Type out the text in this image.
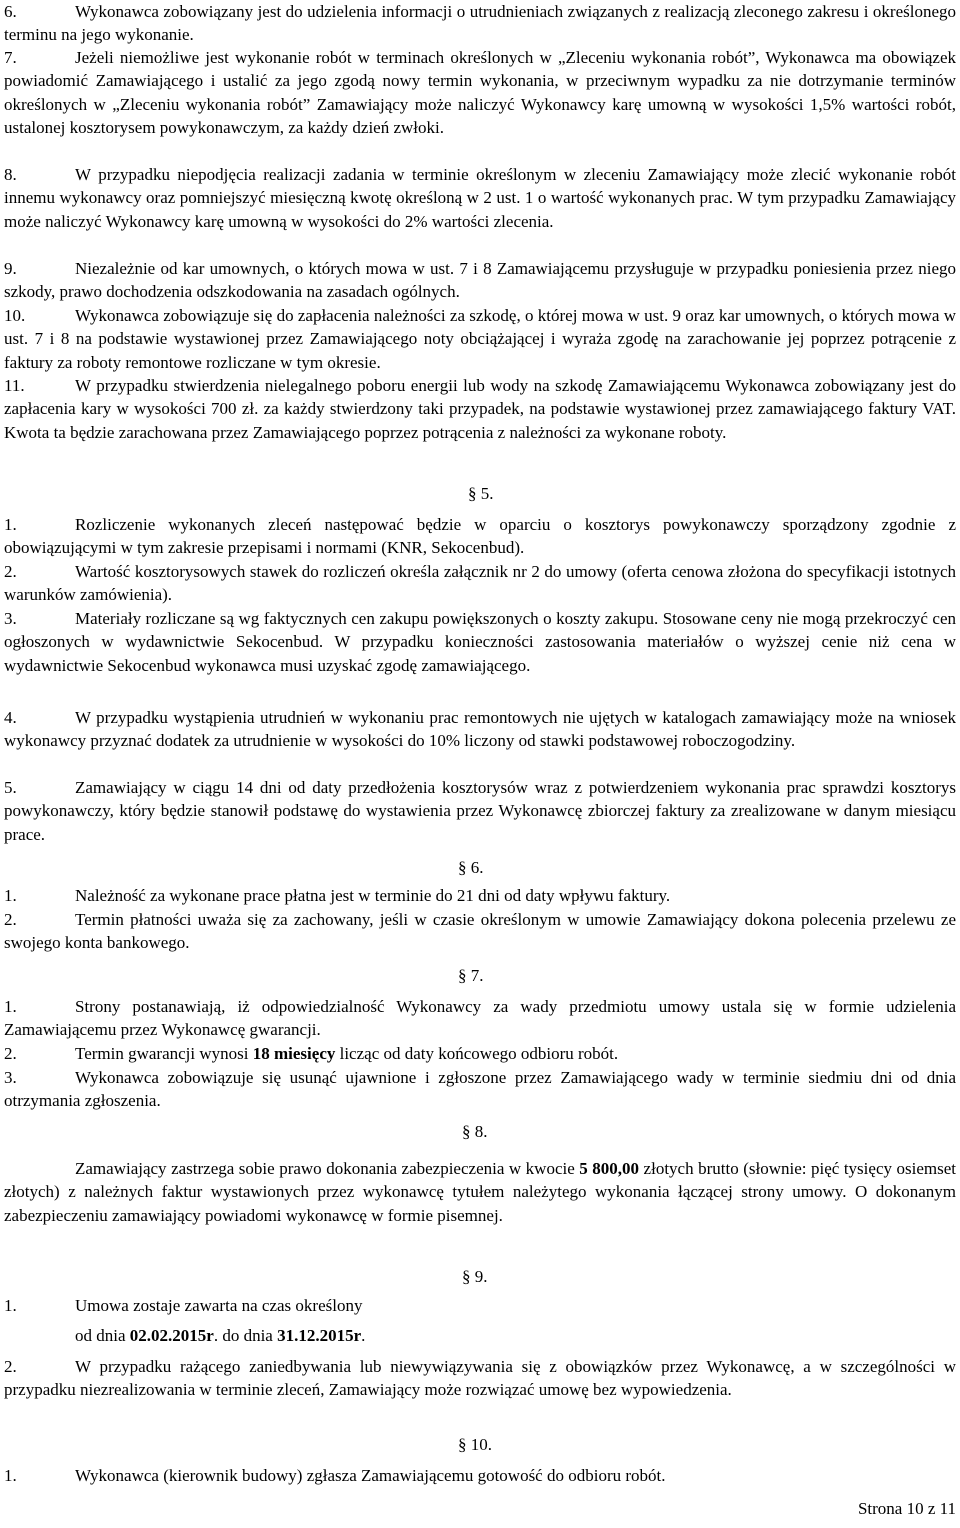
6.	Wykonawca zobowiązany jest do udzielenia informacji o utrudnieniach związanych z realizacją zleconego zakresu i określonego terminu na jego wykonanie.
7.	Jeżeli niemożliwe jest wykonanie robót w terminach określonych w „Zleceniu wykonania robót”, Wykonawca ma obowiązek powiadomić Zamawiającego i ustalić za jego zgodą nowy termin wykonania, w przeciwnym wypadku za nie dotrzymanie terminów określonych w „Zleceniu wykonania robót” Zamawiający może naliczyć Wykonawcy karę umowną w wysokości 1,5% wartości robót, ustalonej kosztorysem powykonawczym, za każdy dzień zwłoki.
8.	W przypadku niepodjęcia realizacji zadania w terminie określonym w zleceniu Zamawiający może zlecić wykonanie robót innemu wykonawcy oraz pomniejszyć miesięczną kwotę określoną w 2 ust. 1 o wartość wykonanych prac. W tym przypadku Zamawiający może naliczyć Wykonawcy karę umowną w wysokości do 2% wartości zlecenia.
9.	Niezależnie od kar umownych, o których mowa w ust. 7 i 8 Zamawiającemu przysługuje w przypadku poniesienia przez niego szkody, prawo dochodzenia odszkodowania na zasadach ogólnych.
10.	Wykonawca zobowiązuje się do zapłacenia należności za szkodę, o której mowa w ust. 9 oraz kar umownych, o których mowa w ust. 7 i 8 na podstawie wystawionej przez Zamawiającego noty obciążającej i wyraża zgodę na zarachowanie jej poprzez potrącenie z faktury za roboty remontowe rozliczane w tym okresie.
11.	W przypadku stwierdzenia nielegalnego poboru energii lub wody na szkodę Zamawiającemu Wykonawca zobowiązany jest do zapłacenia kary w wysokości 700 zł. za każdy stwierdzony taki przypadek, na podstawie wystawionej przez zamawiającego faktury VAT. Kwota ta będzie zarachowana przez Zamawiającego poprzez potrącenia z należności za wykonane roboty.
§ 5.
1.	Rozliczenie wykonanych zleceń następować będzie w oparciu o kosztorys powykonawczy sporządzony zgodnie z obowiązującymi w tym zakresie przepisami i normami (KNR, Sekocenbud).
2.	Wartość kosztorysowych stawek do rozliczeń określa załącznik nr 2 do umowy (oferta cenowa złożona do specyfikacji istotnych warunków zamówienia).
3.	Materiały rozliczane są wg faktycznych cen zakupu powiększonych o koszty zakupu. Stosowane ceny nie mogą przekroczyć cen ogłoszonych w wydawnictwie Sekocenbud. W przypadku konieczności zastosowania materiałów o wyższej cenie niż cena w wydawnictwie Sekocenbud wykonawca musi uzyskać zgodę zamawiającego.
4.	W przypadku wystąpienia utrudnień w wykonaniu prac remontowych nie ujętych w katalogach zamawiający może na wniosek wykonawcy przyznać dodatek za utrudnienie w wysokości do 10% liczony od stawki podstawowej roboczogodziny.
5.	Zamawiający w ciągu 14 dni od daty przedłożenia kosztorysów wraz z potwierdzeniem wykonania prac sprawdzi kosztorys powykonawczy, który będzie stanowił podstawę do wystawienia przez Wykonawcę zbiorczej faktury za zrealizowane w danym miesiącu prace.
§ 6.
1.	Należność za wykonane prace płatna jest w terminie do 21 dni od daty wpływu faktury.
2.	Termin płatności uważa się za zachowany, jeśli w czasie określonym w umowie Zamawiający dokona polecenia przelewu ze swojego konta bankowego.
§ 7.
1.	Strony postanawiają, iż odpowiedzialność Wykonawcy za wady przedmiotu umowy ustala się w formie udzielenia Zamawiającemu przez Wykonawcę gwarancji.
2.	Termin gwarancji wynosi 18 miesięcy licząc od daty końcowego odbioru robót.
3.	Wykonawca zobowiązuje się usunąć ujawnione i zgłoszone przez Zamawiającego wady w terminie siedmiu dni od dnia otrzymania zgłoszenia.
§ 8.
Zamawiający zastrzega sobie prawo dokonania zabezpieczenia w kwocie 5 800,00 złotych brutto (słownie: pięć tysięcy osiemset złotych) z należnych faktur wystawionych przez wykonawcę tytułem należytego wykonania łączącej strony umowy. O dokonanym zabezpieczeniu zamawiający powiadomi wykonawcę w formie pisemnej.
§ 9.
1.	Umowa zostaje zawarta na czas określony
od dnia 02.02.2015r. do dnia 31.12.2015r.
2.	W przypadku rażącego zaniedbywania lub niewywiązywania się z obowiązków przez Wykonawcę, a w szczególności w przypadku niezrealizowania w terminie zleceń, Zamawiający może rozwiązać umowę bez wypowiedzenia.
§ 10.
1.	Wykonawca (kierownik budowy) zgłasza Zamawiającemu gotowość do odbioru robót.
Strona 10 z 11
